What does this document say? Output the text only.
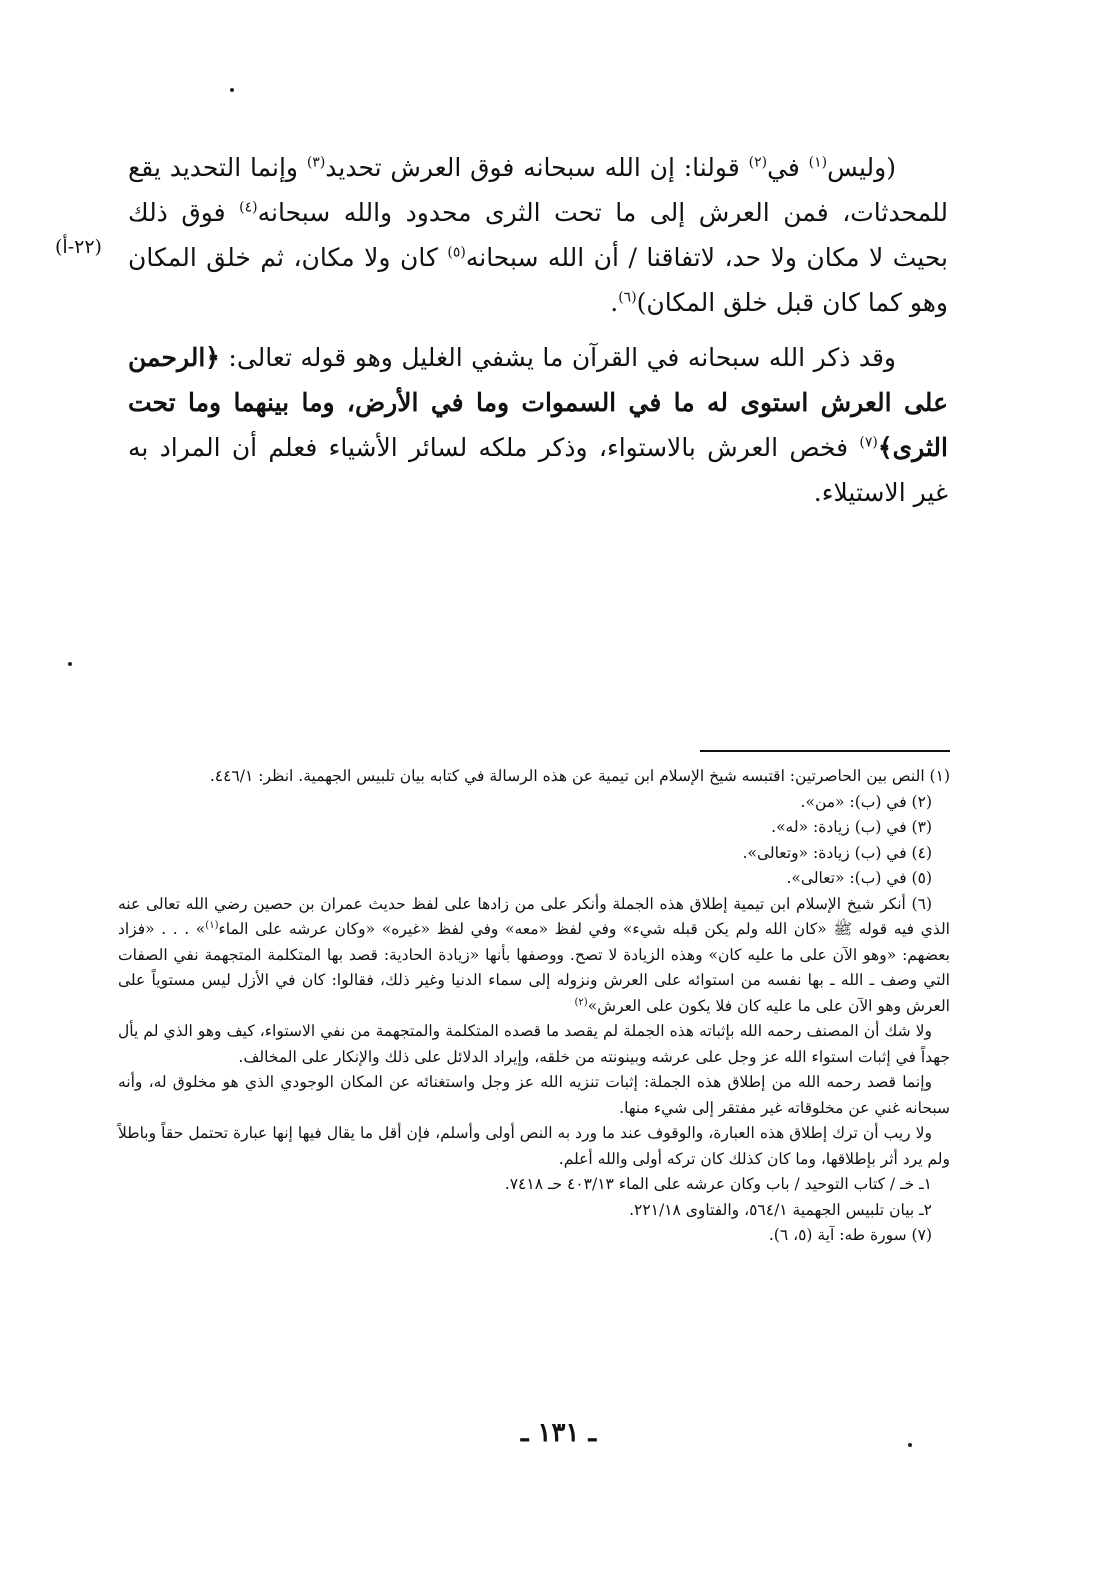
(وليس$^{(١)}$ في$^{(٢)}$ قولنا: إن الله سبحانه فوق العرش تحديد$^{(٣)}$ وإنما التحديد يقع للمحدثات، فمن العرش إلى ما تحت الثرى محدود والله سبحانه$^{(٤)}$ فوق ذلك بحيث لا مكان ولا حد، لاتفاقنا / أن الله سبحانه$^{(٥)}$ كان ولا مكان، ثم خلق المكان وهو كما كان قبل خلق المكان)$^{(٦)}$.

وقد ذكر الله سبحانه في القرآن ما يشفي الغليل وهو قوله تعالى: ﴿الرحمن على العرش استوى له ما في السموات وما في الأرض، وما بينهما وما تحت الثرى﴾$^{(٧)}$ فخص العرش بالاستواء، وذكر ملكه لسائر الأشياء فعلم أن المراد به غير الاستيلاء.

(٢٢-أ)

(١) النص بين الحاصرتين: اقتبسه شيخ الإسلام ابن تيمية عن هذه الرسالة في كتابه بيان تلبيس الجهمية. انظر: ٤٤٦/١.

(٢) في (ب): «من».

(٣) في (ب) زيادة: «له».

(٤) في (ب) زيادة: «وتعالى».

(٥) في (ب): «تعالى».

(٦) أنكر شيخ الإسلام ابن تيمية إطلاق هذه الجملة وأنكر على من زادها على لفظ حديث عمران بن حصين رضي الله تعالى عنه الذي فيه قوله ﷺ «كان الله ولم يكن قبله شيء» وفي لفظ «معه» وفي لفظ «غيره» «وكان عرشه على الماء$^{(١)}$» . . . «فزاد بعضهم: «وهو الآن على ما عليه كان» وهذه الزيادة لا تصح. ووصفها بأنها «زيادة الحادية: قصد بها المتكلمة المتجهمة نفي الصفات التي وصف ـ الله ـ بها نفسه من استوائه على العرش ونزوله إلى سماء الدنيا وغير ذلك، فقالوا: كان في الأزل ليس مستوياً على العرش وهو الآن على ما عليه كان فلا يكون على العرش»$^{(٢)}$

ولا شك أن المصنف رحمه الله بإثباته هذه الجملة لم يقصد ما قصده المتكلمة والمتجهمة من نفي الاستواء، كيف وهو الذي لم يأل جهداً في إثبات استواء الله عز وجل على عرشه وبينونته من خلقه، وإيراد الدلائل على ذلك والإنكار على المخالف.

وإنما قصد رحمه الله من إطلاق هذه الجملة: إثبات تنزيه الله عز وجل واستغنائه عن المكان الوجودي الذي هو مخلوق له، وأنه سبحانه غني عن مخلوقاته غير مفتقر إلى شيء منها.

ولا ريب أن ترك إطلاق هذه العبارة، والوقوف عند ما ورد به النص أولى وأسلم، فإن أقل ما يقال فيها إنها عبارة تحتمل حقاً وباطلاً ولم يرد أثر بإطلاقها، وما كان كذلك كان تركه أولى والله أعلم.

١ـ خـ / كتاب التوحيد / باب وكان عرشه على الماء ٤٠٣/١٣ حـ ٧٤١٨.

٢ـ بيان تلبيس الجهمية ٥٦٤/١، والفتاوى ٢٢١/١٨.

(٧) سورة طه: آية (٥، ٦).

ـ ١٣١ ـ
